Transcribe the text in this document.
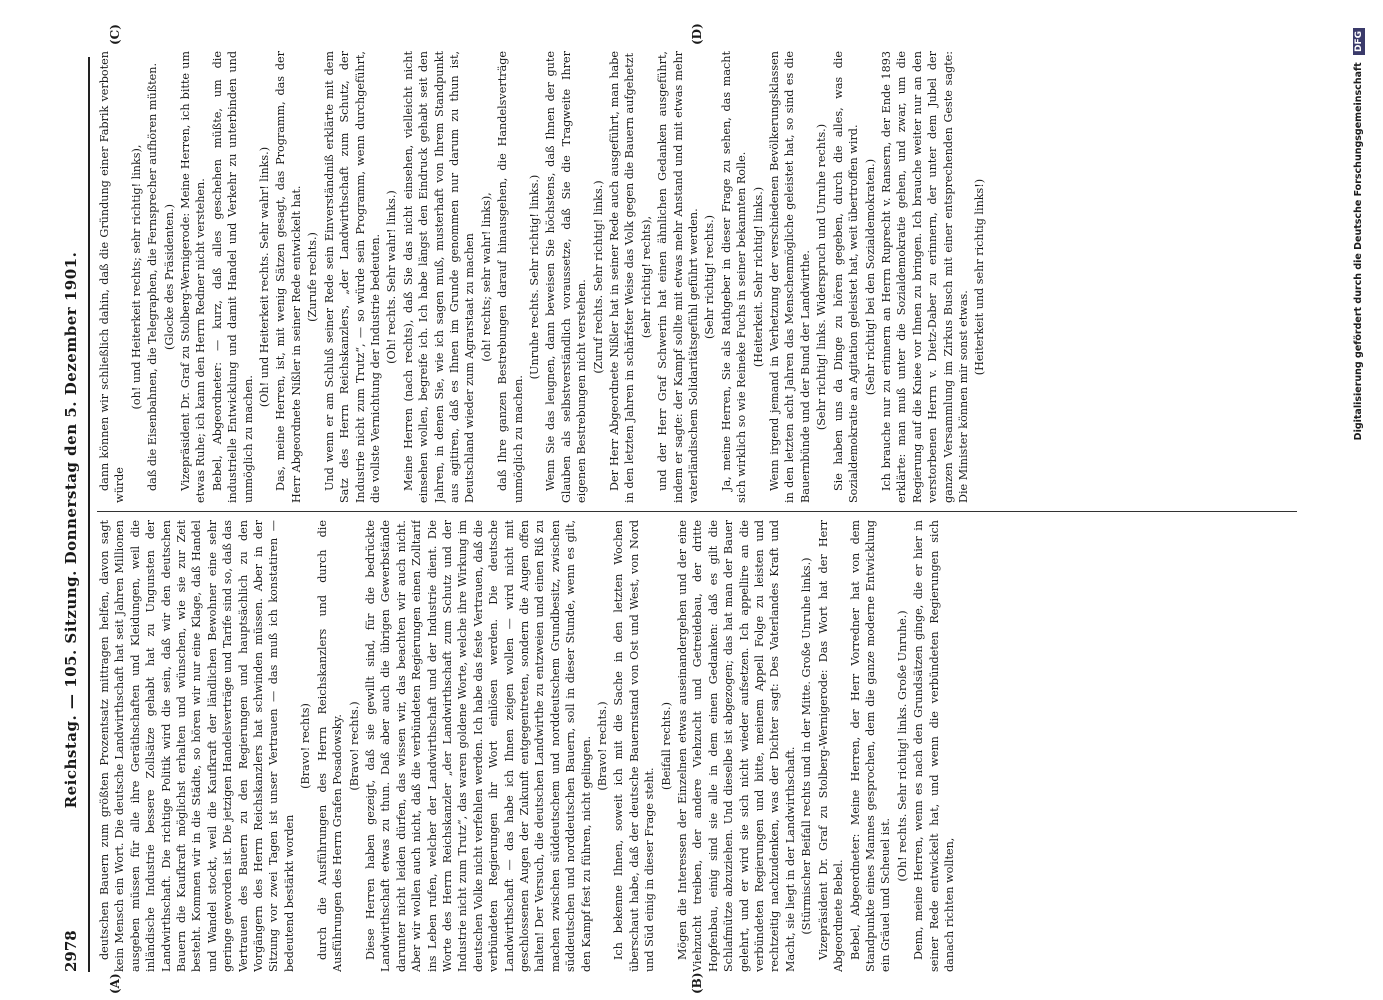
2978
Reichstag. — 105. Sitzung. Donnerstag den 5. Dezember 1901.
(A)	(B)
(C)	(D)

deutschen Bauern zum größten Prozentsatz mittragen helfen, davon sagt kein Mensch ein Wort. Die deutsche Landwirthschaft hat seit Jahren Millionen ausgeben müssen für alle ihre Geräthschaften und Kleidungen, weil die inländische Industrie bessere Zollsätze gehabt hat zu Ungunsten der Landwirthschaft. Die richtige Politik wird die sein, daß wir den deutschen Bauern die Kaufkraft möglichst erhalten und wünschen, wie sie zur Zeit besteht. Kommen wir in die Städte, so hören wir nur eine Klage, daß Handel und Wandel stockt, weil die Kaufkraft der ländlichen Bewohner eine sehr geringe geworden ist. Die jetzigen Handelsverträge und Tarife sind so, daß das Vertrauen des Bauern zu den Regierungen und hauptsächlich zu den Vorgängern des Herrn Reichskanzlers hat schwinden müssen. Aber in der Sitzung vor zwei Tagen ist unser Vertrauen — das muß ich konstatiren — bedeutend bestärkt worden

(Bravo! rechts) durch die Ausführungen des Herrn Reichskanzlers und durch die Ausführungen des Herrn Grafen Posadowsky. (Bravo! rechts.) Diese Herren haben gezeigt, daß sie gewillt sind, für die bedrückte Landwirthschaft etwas zu thun. Daß aber auch die übrigen Gewerbstände darunter nicht leiden dürfen, das wissen wir, das beachten wir auch nicht. Aber wir wollen auch nicht, daß die verbündeten Regierungen einen Zolltarif ins Leben rufen, welcher der Landwirthschaft und der Industrie dient. Die Worte des Herrn Reichskanzler „der Landwirthschaft zum Schutz und der Industrie nicht zum Trutz“, das waren goldene Worte, welche ihre Wirkung im deutschen Volke nicht verfehlen werden. Ich habe das feste Vertrauen, daß die verbündeten Regierungen ihr Wort einlösen werden. Die deutsche Landwirthschaft — das habe ich Ihnen zeigen wollen — wird nicht mit geschlossenen Augen der Zukunft entgegentreten, sondern die Augen offen halten! Der Versuch, die deutschen Landwirthe zu entzweien und einen Riß zu machen zwischen süddeutschem und norddeutschem Grundbesitz, zwischen süddeutschen und norddeutschen Bauern, soll in dieser Stunde, wenn es gilt, den Kampf fest zu führen, nicht gelingen. (Bravo! rechts.) Ich bekenne Ihnen, soweit ich mit die Sache in den letzten Wochen überschaut habe, daß der deutsche Bauernstand von Ost und West, von Nord und Süd einig in dieser Frage steht.

(Beifall rechts.) Mögen die Interessen der Einzelnen etwas auseinandergehen und der eine Viehzucht treiben, der andere Viehzucht und Getreidebau, der dritte Hopfenbau, einig sind sie alle in dem einen Gedanken: daß es gilt die Schlafmütze abzuziehen. Und dieselbe ist abgezogen; das hat man der Bauer gelehrt, und er wird sie sich nicht wieder aufsetzen. Ich appellire an die verbündeten Regierungen und bitte, meinem Appell Folge zu leisten und rechtzeitig nachzudenken, was der Dichter sagt: Des Vaterlandes Kraft und Macht, sie liegt in der Landwirthschaft. (Stürmischer Beifall rechts und in der Mitte. Große Unruhe links.) Vizepräsident Dr. Graf zu Stolberg-Wernigerode: Das Wort hat der Herr Abgeordnete Bebel. Bebel, Abgeordneter: Meine Herren, der Herr Vorredner hat von dem Standpunkte eines Mannes gesprochen, dem die ganze moderne Entwicklung ein Gräuel und Scheuel ist.

(Oh! rechts. Sehr richtig! links. Große Unruhe.) Denn, meine Herren, wenn es nach den Grundsätzen ginge, die er hier in seiner Rede entwickelt hat, und wenn die verbündeten Regierungen sich danach richten wollten,

dann können wir schließlich dahin, daß die Gründung einer Fabrik verboten würde

(oh! und Heiterkeit rechts; sehr richtig! links), daß die Eisenbahnen, die Telegraphen, die Fernsprecher aufhören müßten. (Glocke des Präsidenten.) Vizepräsident Dr. Graf zu Stolberg-Wernigerode: Meine Herren, ich bitte um etwas Ruhe; ich kann den Herrn Redner nicht verstehen. Bebel, Abgeordneter: — kurz, daß alles geschehen müßte, um die industrielle Entwicklung und damit Handel und Verkehr zu unterbinden und unmöglich zu machen.

(Oh! und Heiterkeit rechts. Sehr wahr! links.) Das, meine Herren, ist, mit wenig Sätzen gesagt, das Programm, das der Herr Abgeordnete Nißler in seiner Rede entwickelt hat. (Zurufe rechts.) Und wenn er am Schluß seiner Rede sein Einverständniß erklärte mit dem Satz des Herrn Reichskanzlers, „der Landwirthschaft zum Schutz, der Industrie nicht zum Trutz“, — so würde sein Programm, wenn durchgeführt, die vollste Vernichtung der Industrie bedeuten. (Oh! rechts. Sehr wahr! links.) Meine Herren (nach rechts), daß Sie das nicht einsehen, vielleicht nicht einsehen wollen, begreife ich. Ich habe längst den Eindruck gehabt seit den Jahren, in denen Sie, wie ich sagen muß, musterhaft von Ihrem Standpunkt aus agitiren, daß es Ihnen im Grunde genommen nur darum zu thun ist, Deutschland wieder zum Agrarstaat zu machen (oh! rechts; sehr wahr! links), daß Ihre ganzen Bestrebungen darauf hinausgehen, die Handelsverträge unmöglich zu machen.

(Unruhe rechts. Sehr richtig! links.) Wenn Sie das leugnen, dann beweisen Sie höchstens, daß Ihnen der gute Glauben als selbstverständlich voraussetze, daß Sie die Tragweite Ihrer eigenen Bestrebungen nicht verstehen.

(Zuruf rechts. Sehr richtig! links.) Der Herr Abgeordnete Nißler hat in seiner Rede auch ausgeführt, man habe in den letzten Jahren in schärfster Weise das Volk gegen die Bauern aufgehetzt (sehr richtig! rechts), und der Herr Graf Schwerin hat einen ähnlichen Gedanken ausgeführt, indem er sagte: der Kampf sollte mit etwas mehr Anstand und mit etwas mehr vaterländischem Solidaritätsgefühl geführt werden. (Sehr richtig! rechts.) Ja, meine Herren, Sie als Rathgeber in dieser Frage zu sehen, das macht sich wirklich so wie Reineke Fuchs in seiner bekannten Rolle. (Heiterkeit. Sehr richtig! links.) Wenn irgend jemand in Verhetzung der verschiedenen Bevölkerungsklassen in den letzten acht Jahren das Menschenmögliche geleistet hat, so sind es die Bauernbünde und der Bund der Landwirthe. (Sehr richtig! links. Widerspruch und Unruhe rechts.) Sie haben uns da Dinge zu hören gegeben, durch die alles, was die Sozialdemokratie an Agitation geleistet hat, weit übertroffen wird. (Sehr richtig! bei den Sozialdemokraten.) Ich brauche nur zu erinnern an Herrn Ruprecht v. Ransern, der Ende 1893 erklärte: man muß unter die Sozialdemokratie gehen, und zwar, um die Regierung auf die Kniee vor Ihnen zu bringen. Ich brauche weiter nur an den verstorbenen Herrn v. Dietz-Daber zu erinnern, der unter dem Jubel der ganzen Versammlung im Zirkus Busch mit einer entsprechenden Geste sagte: Die Minister können mir sonst etwas.

(Heiterkeit und sehr richtig links!)	Digitalisierung gefördert durch die Deutsche Forschungsgemeinschaft DFG
